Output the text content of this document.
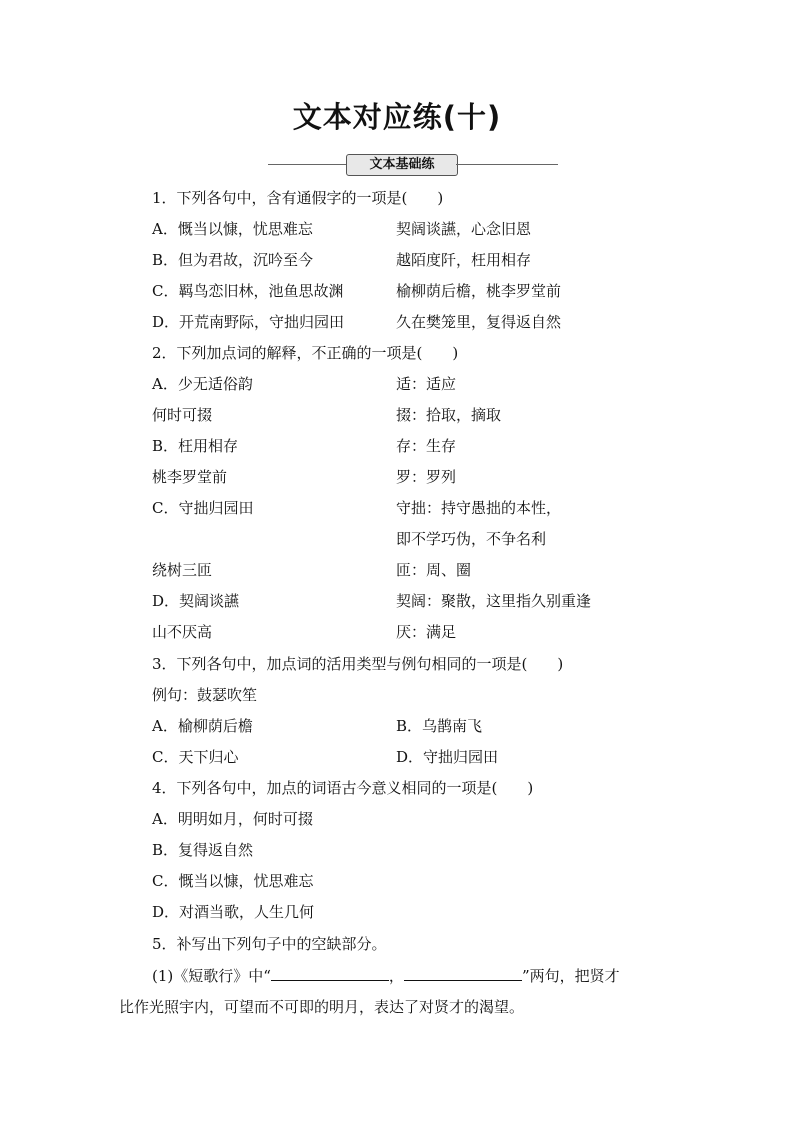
文本对应练(十)
文本基础练
1．下列各句中，含有通假字的一项是(　　)
A．慨当以慷，忧思难忘	契阔谈讌，心念旧恩
B．但为君故，沉吟至今	越陌度阡，枉用相存
C．羁鸟恋旧林，池鱼思故渊	榆柳荫后檐，桃李罗堂前
D．开荒南野际，守拙归园田	久在樊笼里，复得返自然
2．下列加点词的解释，不正确的一项是(　　)
A．少无适俗韵	适：适应
何时可掇	掇：拾取，摘取
B．枉用相存	存：生存
桃李罗堂前	罗：罗列
C．守拙归园田	守拙：持守愚拙的本性，
即不学巧伪，不争名利
绕树三匝	匝：周、圈
D．契阔谈讌	契阔：聚散，这里指久别重逢
山不厌高	厌：满足
3．下列各句中，加点词的活用类型与例句相同的一项是(　　)
例句：鼓瑟吹笙
A．榆柳荫后檐	B．乌鹊南飞
C．天下归心	D．守拙归园田
4．下列各句中，加点的词语古今意义相同的一项是(　　)
A．明明如月，何时可掇
B．复得返自然
C．慨当以慷，忧思难忘
D．对酒当歌，人生几何
5．补写出下列句子中的空缺部分。
(1)《短歌行》中“	，	”两句，把贤才
比作光照宇内，可望而不可即的明月，表达了对贤才的渴望。
